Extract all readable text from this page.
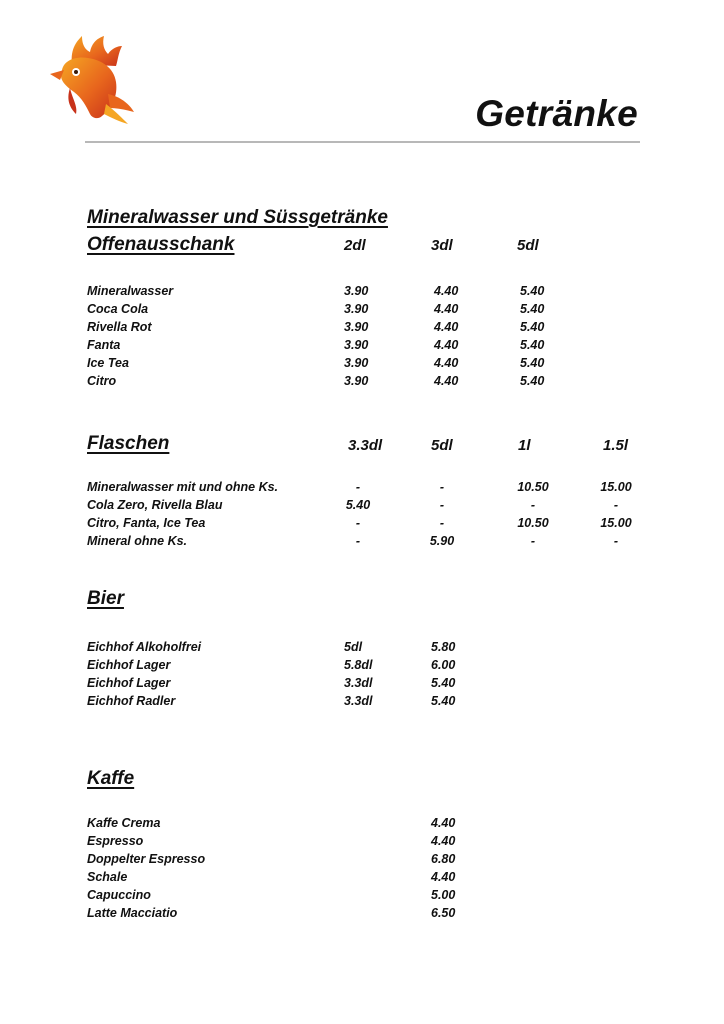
Getränke
Mineralwasser und Süssgetränke
Offenausschank	2dl	3dl	5dl
Mineralwasser	3.90	4.40	5.40
Coca Cola	3.90	4.40	5.40
Rivella Rot	3.90	4.40	5.40
Fanta	3.90	4.40	5.40
Ice Tea	3.90	4.40	5.40
Citro	3.90	4.40	5.40
Flaschen	3.3dl	5dl	1l	1.5l
Mineralwasser mit und ohne Ks.	-	-	10.50	15.00
Cola Zero, Rivella Blau	5.40	-	-	-
Citro, Fanta, Ice Tea	-	-	10.50	15.00
Mineral ohne Ks.	-	5.90	-	-
Bier
Eichhof Alkoholfrei	5dl	5.80
Eichhof Lager	5.8dl	6.00
Eichhof Lager	3.3dl	5.40
Eichhof Radler	3.3dl	5.40
Kaffe
Kaffe Crema	4.40
Espresso	4.40
Doppelter Espresso	6.80
Schale	4.40
Capuccino	5.00
Latte Macciatio	6.50
